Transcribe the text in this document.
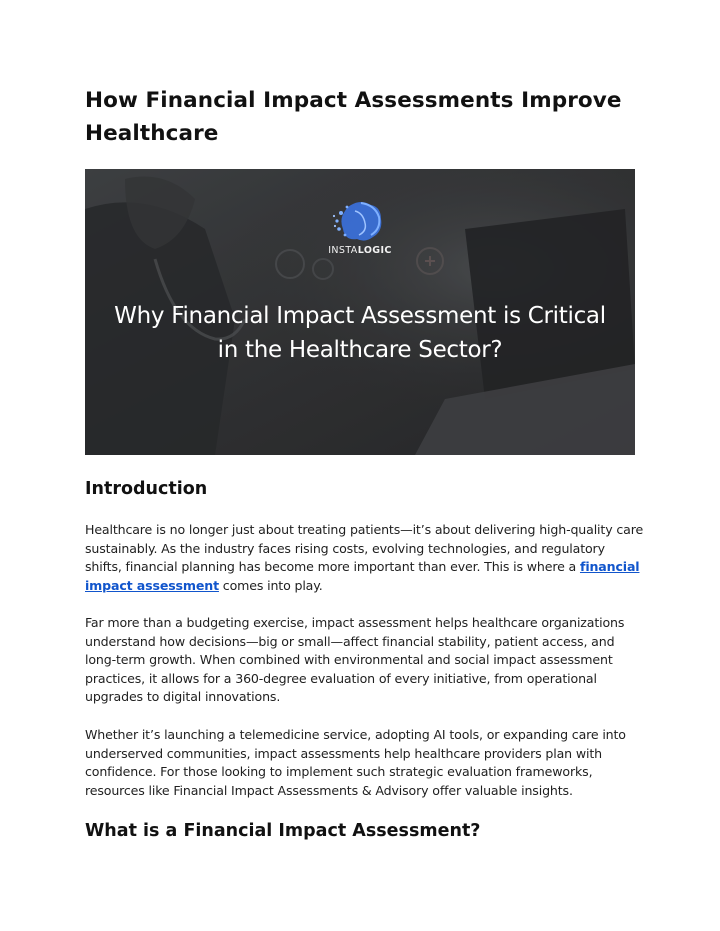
How Financial Impact Assessments Improve Healthcare
INSTALOGIC
Why Financial Impact Assessment is Critical in the Healthcare Sector?
Introduction

Healthcare is no longer just about treating patients—it’s about delivering high-quality care sustainably. As the industry faces rising costs, evolving technologies, and regulatory shifts, financial planning has become more important than ever. This is where a financial impact assessment comes into play.

Far more than a budgeting exercise, impact assessment helps healthcare organizations understand how decisions—big or small—affect financial stability, patient access, and long-term growth. When combined with environmental and social impact assessment practices, it allows for a 360-degree evaluation of every initiative, from operational upgrades to digital innovations.

Whether it’s launching a telemedicine service, adopting AI tools, or expanding care into underserved communities, impact assessments help healthcare providers plan with confidence. For those looking to implement such strategic evaluation frameworks, resources like Financial Impact Assessments & Advisory offer valuable insights.

What is a Financial Impact Assessment?
